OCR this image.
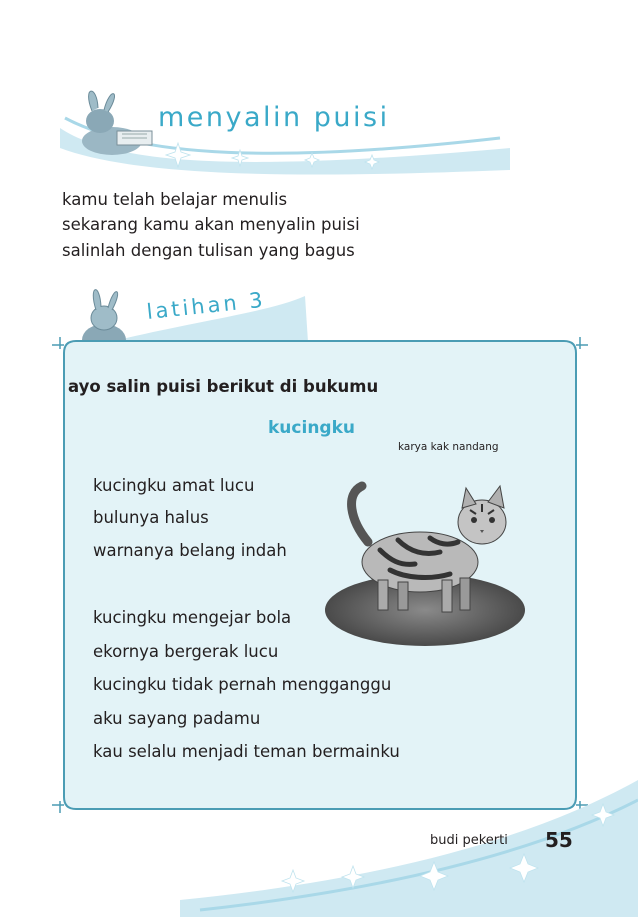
menyalin puisi
kamu telah belajar menulis
sekarang kamu akan menyalin puisi
salinlah dengan tulisan yang bagus
latihan 3
ayo salin puisi berikut di bukumu
kucingku
karya kak nandang
kucingku amat lucu
bulunya halus
warnanya belang indah
kucingku mengejar bola
ekornya bergerak lucu
kucingku tidak pernah mengganggu
aku sayang padamu
kau selalu menjadi teman bermainku
budi pekerti 55
